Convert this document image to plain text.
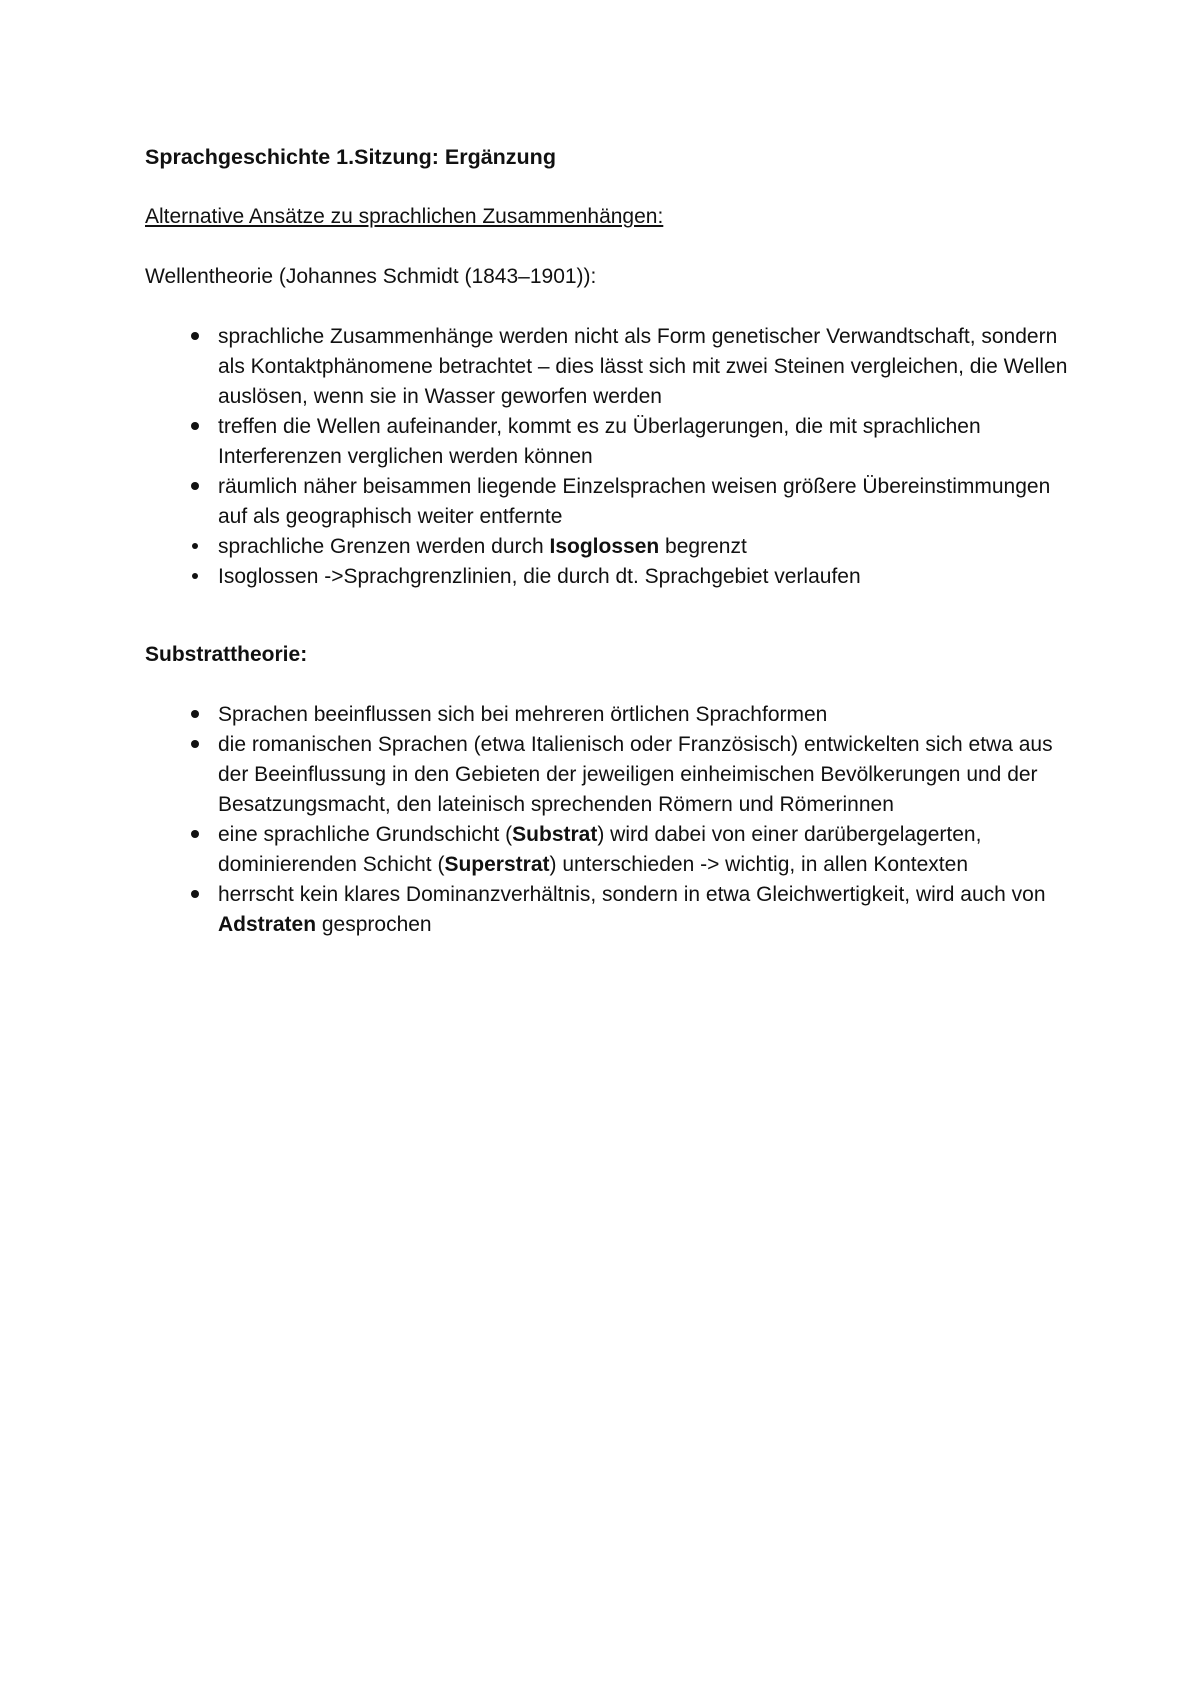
Sprachgeschichte 1.Sitzung: Ergänzung

Alternative Ansätze zu sprachlichen Zusammenhängen:

Wellentheorie (Johannes Schmidt (1843–1901)):

sprachliche Zusammenhänge werden nicht als Form genetischer Verwandtschaft, sondern als Kontaktphänomene betrachtet – dies lässt sich mit zwei Steinen vergleichen, die Wellen auslösen, wenn sie in Wasser geworfen werden
treffen die Wellen aufeinander, kommt es zu Überlagerungen, die mit sprachlichen Interferenzen verglichen werden können
räumlich näher beisammen liegende Einzelsprachen weisen größere Übereinstimmungen auf als geographisch weiter entfernte
sprachliche Grenzen werden durch Isoglossen begrenzt
Isoglossen ->Sprachgrenzlinien, die durch dt. Sprachgebiet verlaufen

Substrattheorie:

Sprachen beeinflussen sich bei mehreren örtlichen Sprachformen
die romanischen Sprachen (etwa Italienisch oder Französisch) entwickelten sich etwa aus der Beeinflussung in den Gebieten der jeweiligen einheimischen Bevölkerungen und der Besatzungsmacht, den lateinisch sprechenden Römern und Römerinnen
eine sprachliche Grundschicht (Substrat) wird dabei von einer darübergelagerten, dominierenden Schicht (Superstrat) unterschieden -> wichtig, in allen Kontexten
herrscht kein klares Dominanzverhältnis, sondern in etwa Gleichwertigkeit, wird auch von Adstraten gesprochen
